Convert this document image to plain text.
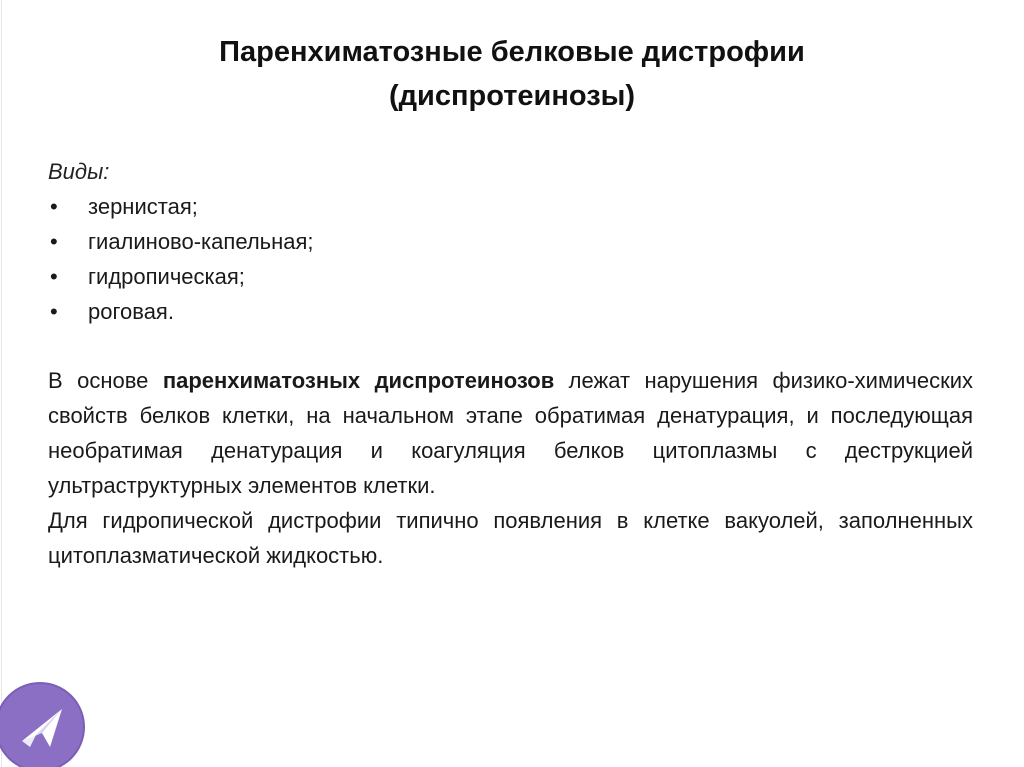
Паренхиматозные белковые дистрофии
(диспротеинозы)
Виды:
• зернистая;
• гиалиново-капельная;
• гидропическая;
• роговая.

В основе паренхиматозных диспротеинозов лежат нарушения физико-химических свойств белков клетки, на начальном этапе обратимая денатурация, и последующая необратимая денатурация и коагуляция белков цитоплазмы с деструкцией ультраструктурных элементов клетки.

Для гидропической дистрофии типично появления в клетке вакуолей, заполненных цитоплазматической жидкостью.
